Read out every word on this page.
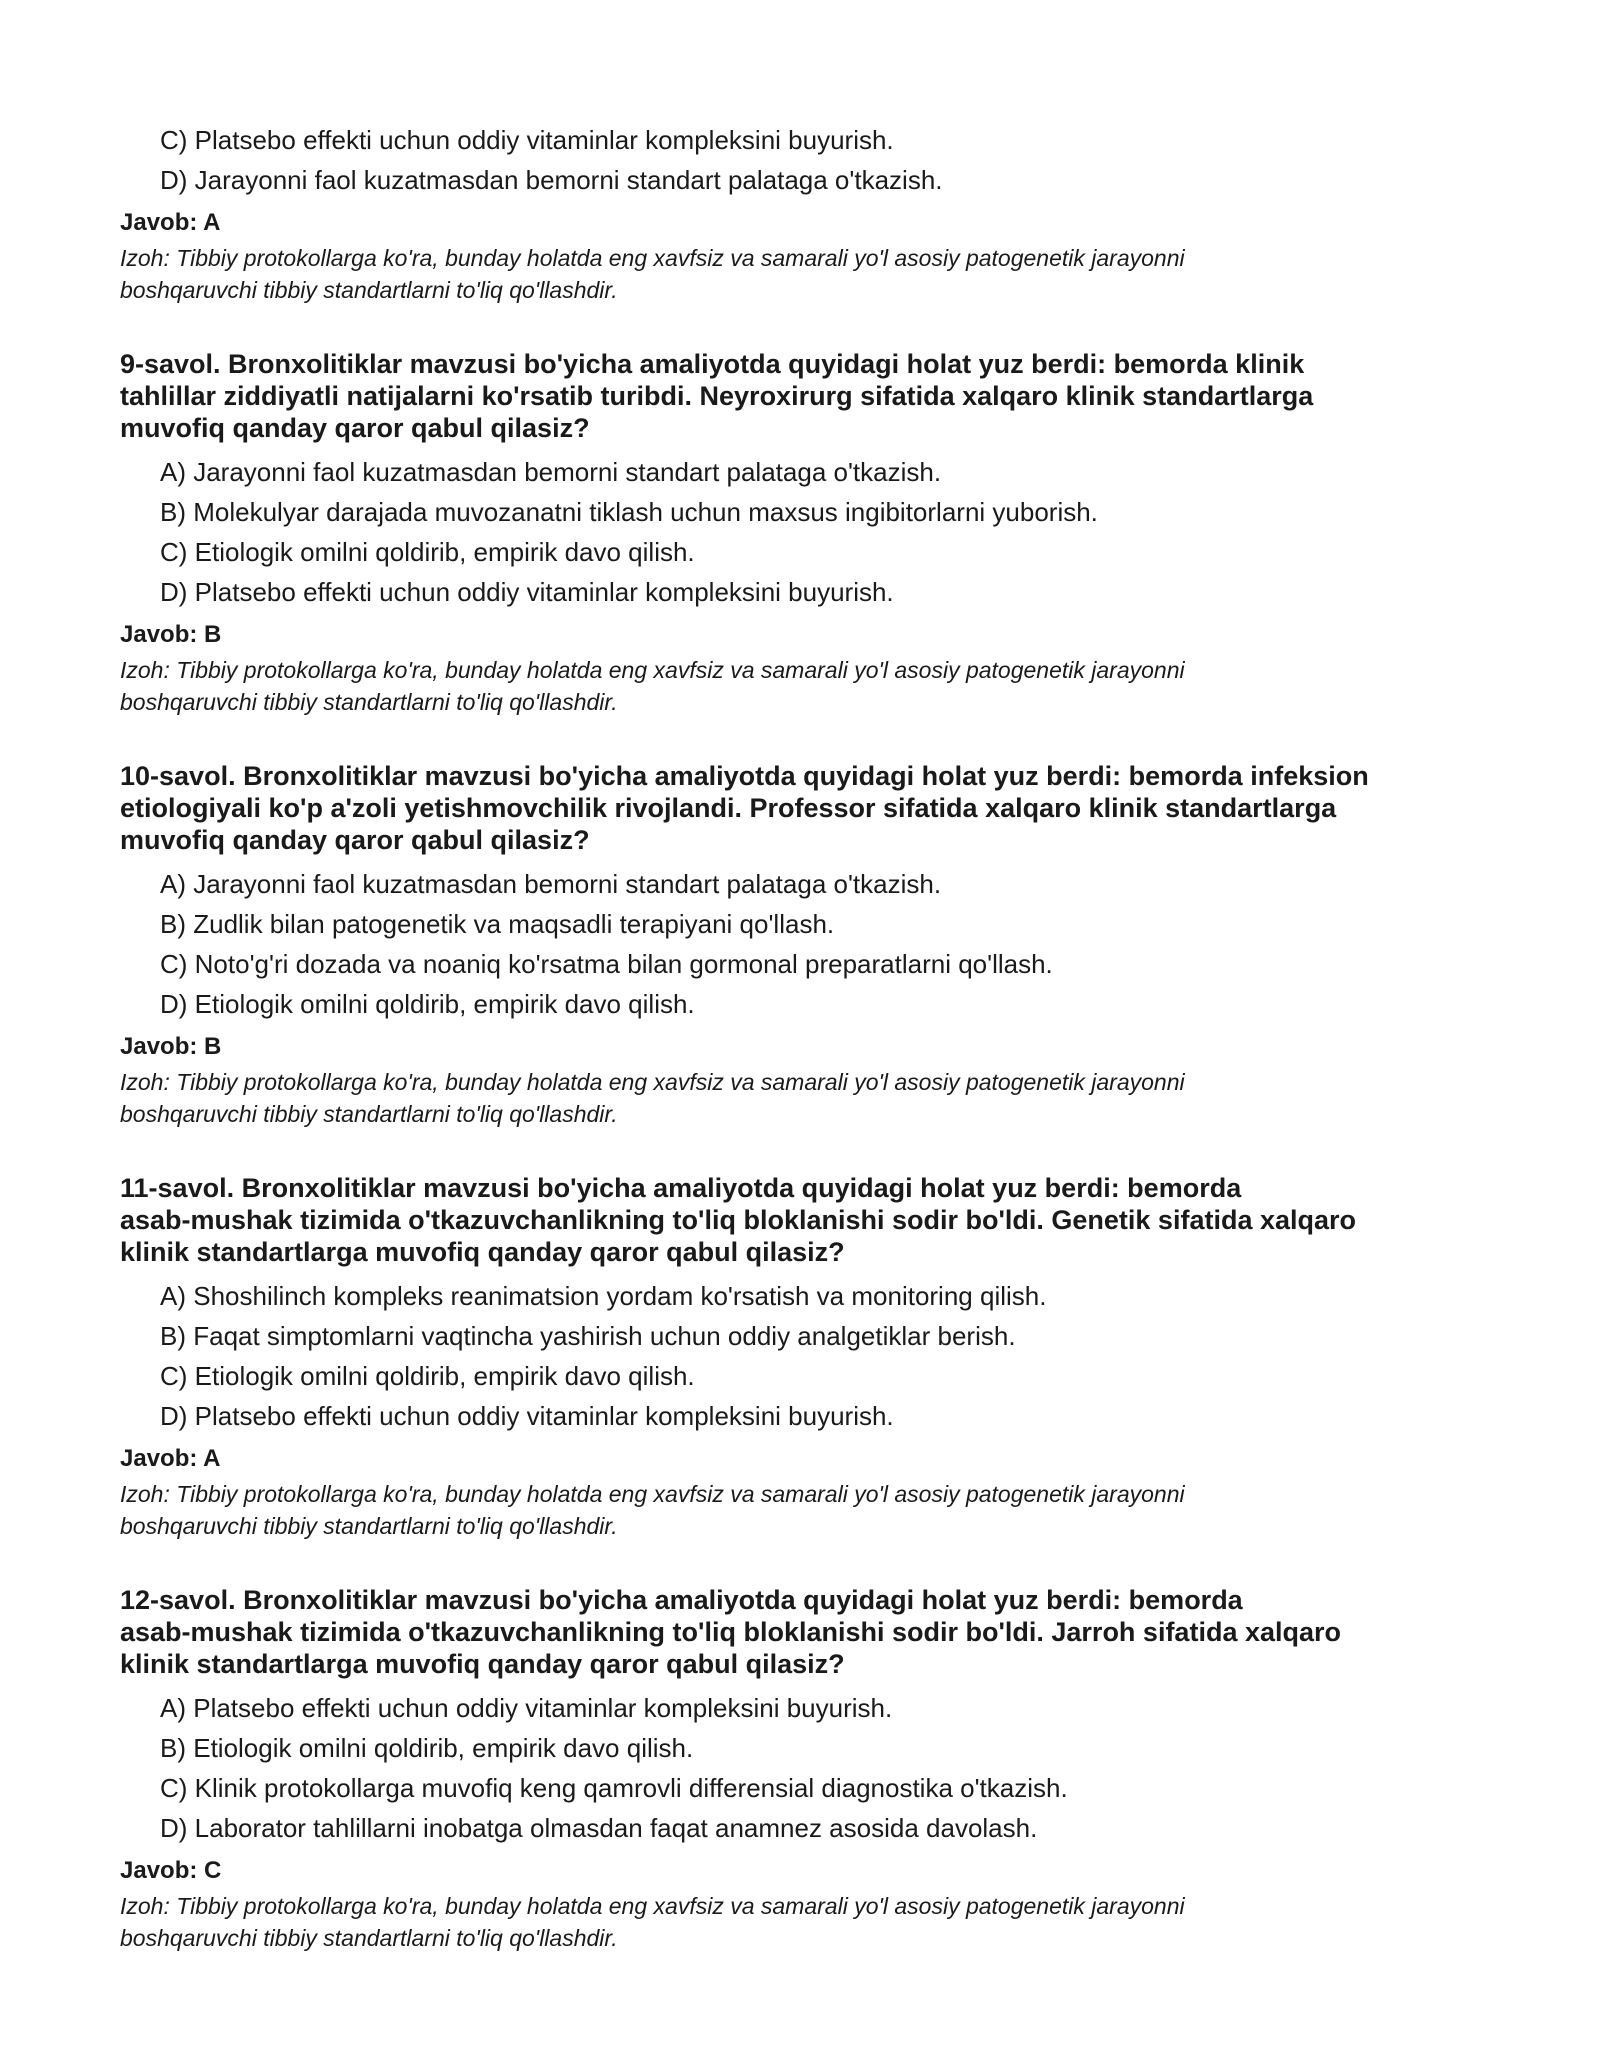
C) Platsebo effekti uchun oddiy vitaminlar kompleksini buyurish.

D) Jarayonni faol kuzatmasdan bemorni standart palataga o'tkazish.

Javob: A
Izoh: Tibbiy protokollarga ko'ra, bunday holatda eng xavfsiz va samarali yo'l asosiy patogenetik jarayonni
boshqaruvchi tibbiy standartlarni to'liq qo'llashdir.
9-savol. Bronxolitiklar mavzusi bo'yicha amaliyotda quyidagi holat yuz berdi: bemorda klinik
tahlillar ziddiyatli natijalarni ko'rsatib turibdi. Neyroxirurg sifatida xalqaro klinik standartlarga
muvofiq qanday qaror qabul qilasiz?

A) Jarayonni faol kuzatmasdan bemorni standart palataga o'tkazish.

B) Molekulyar darajada muvozanatni tiklash uchun maxsus ingibitorlarni yuborish.

C) Etiologik omilni qoldirib, empirik davo qilish.

D) Platsebo effekti uchun oddiy vitaminlar kompleksini buyurish.

Javob: B
Izoh: Tibbiy protokollarga ko'ra, bunday holatda eng xavfsiz va samarali yo'l asosiy patogenetik jarayonni
boshqaruvchi tibbiy standartlarni to'liq qo'llashdir.
10-savol. Bronxolitiklar mavzusi bo'yicha amaliyotda quyidagi holat yuz berdi: bemorda infeksion
etiologiyali ko'p a'zoli yetishmovchilik rivojlandi. Professor sifatida xalqaro klinik standartlarga
muvofiq qanday qaror qabul qilasiz?

A) Jarayonni faol kuzatmasdan bemorni standart palataga o'tkazish.

B) Zudlik bilan patogenetik va maqsadli terapiyani qo'llash.

C) Noto'g'ri dozada va noaniq ko'rsatma bilan gormonal preparatlarni qo'llash.

D) Etiologik omilni qoldirib, empirik davo qilish.

Javob: B
Izoh: Tibbiy protokollarga ko'ra, bunday holatda eng xavfsiz va samarali yo'l asosiy patogenetik jarayonni
boshqaruvchi tibbiy standartlarni to'liq qo'llashdir.
11-savol. Bronxolitiklar mavzusi bo'yicha amaliyotda quyidagi holat yuz berdi: bemorda
asab-mushak tizimida o'tkazuvchanlikning to'liq bloklanishi sodir bo'ldi. Genetik sifatida xalqaro
klinik standartlarga muvofiq qanday qaror qabul qilasiz?

A) Shoshilinch kompleks reanimatsion yordam ko'rsatish va monitoring qilish.

B) Faqat simptomlarni vaqtincha yashirish uchun oddiy analgetiklar berish.

C) Etiologik omilni qoldirib, empirik davo qilish.

D) Platsebo effekti uchun oddiy vitaminlar kompleksini buyurish.

Javob: A
Izoh: Tibbiy protokollarga ko'ra, bunday holatda eng xavfsiz va samarali yo'l asosiy patogenetik jarayonni
boshqaruvchi tibbiy standartlarni to'liq qo'llashdir.
12-savol. Bronxolitiklar mavzusi bo'yicha amaliyotda quyidagi holat yuz berdi: bemorda
asab-mushak tizimida o'tkazuvchanlikning to'liq bloklanishi sodir bo'ldi. Jarroh sifatida xalqaro
klinik standartlarga muvofiq qanday qaror qabul qilasiz?

A) Platsebo effekti uchun oddiy vitaminlar kompleksini buyurish.

B) Etiologik omilni qoldirib, empirik davo qilish.

C) Klinik protokollarga muvofiq keng qamrovli differensial diagnostika o'tkazish.

D) Laborator tahlillarni inobatga olmasdan faqat anamnez asosida davolash.

Javob: C
Izoh: Tibbiy protokollarga ko'ra, bunday holatda eng xavfsiz va samarali yo'l asosiy patogenetik jarayonni
boshqaruvchi tibbiy standartlarni to'liq qo'llashdir.
